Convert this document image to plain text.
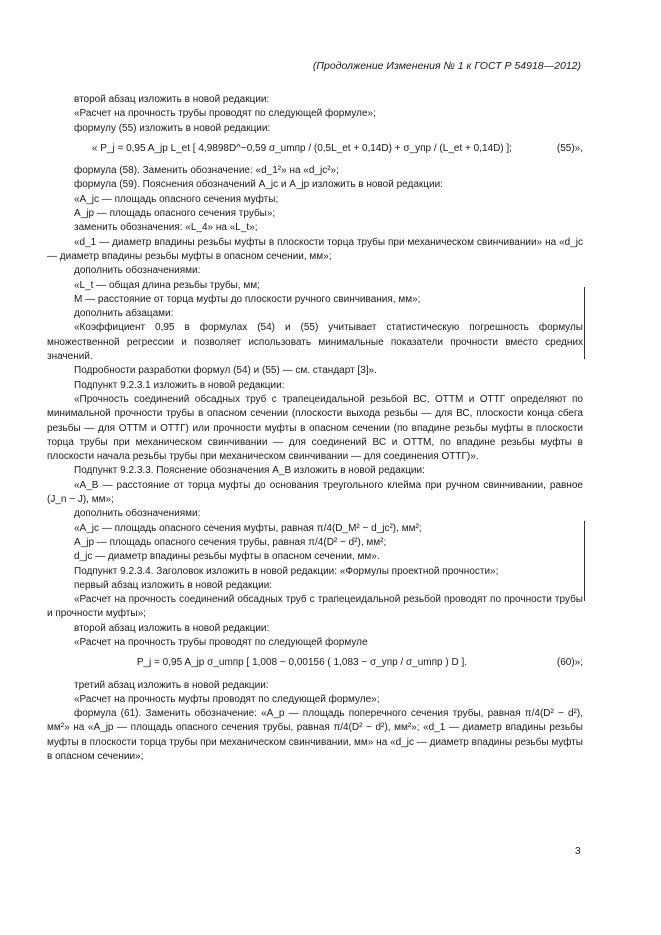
(Продолжение Изменения № 1 к ГОСТ Р 54918—2012)

второй абзац изложить в новой редакции:

«Расчет на прочность трубы проводят по следующей формуле»;

формулу (55) изложить в новой редакции:

« P_j = 0,95 A_jp L_et [ 4,9898D^−0,59 σ_umпр / (0,5L_et + 0,14D) + σ_yпр / (L_et + 0,14D) ];	(55)»,

формула (58). Заменить обозначение: «d_1²» на «d_jc²»;

формула (59). Пояснения обозначений A_jc и A_jp изложить в новой редакции:

«A_jc — площадь опасного сечения муфты;

A_jp — площадь опасного сечения трубы»;

заменить обозначения: «L_4» на «L_t»;

«d_1 — диаметр впадины резьбы муфты в плоскости торца трубы при механическом свинчивании» на «d_jc — диаметр впадины резьбы муфты в опасном сечении, мм»;

дополнить обозначениями:

«L_t — общая длина резьбы трубы, мм;

M — расстояние от торца муфты до плоскости ручного свинчивания, мм»;

дополнить абзацами:

«Коэффициент 0,95 в формулах (54) и (55) учитывает статистическую погрешность формулы множественной регрессии и позволяет использовать минимальные показатели прочности вместо средних значений.

Подробности разработки формул (54) и (55) — см. стандарт [3]».

Подпункт 9.2.3.1 изложить в новой редакции:

«Прочность соединений обсадных труб с трапецеидальной резьбой ВС, ОТТМ и ОТТГ определяют по минимальной прочности трубы в опасном сечении (плоскости выхода резьбы — для ВС, плоскости конца сбега резьбы — для ОТТМ и ОТТГ) или прочности муфты в опасном сечении (по впадине резьбы муфты в плоскости торца трубы при механическом свинчивании — для соединений ВС и ОТТМ, по впадине резьбы муфты в плоскости начала резьбы трубы при механическом свинчивании — для соединения ОТТГ)».

Подпункт 9.2.3.3. Пояснение обозначения A_B изложить в новой редакции:

«A_B — расстояние от торца муфты до основания треугольного клейма при ручном свинчивании, равное (J_n − J), мм»;

дополнить обозначениями:

«A_jc — площадь опасного сечения муфты, равная π/4(D_M² − d_jc²), мм²;

A_jp — площадь опасного сечения трубы, равная π/4(D² − d²), мм²;

d_jc — диаметр впадины резьбы муфты в опасном сечении, мм».

Подпункт 9.2.3.4. Заголовок изложить в новой редакции: «Формулы проектной прочности»;

первый абзац изложить в новой редакции:

«Расчет на прочность соединений обсадных труб с трапецеидальной резьбой проводят по прочности трубы и прочности муфты»;

второй абзац изложить в новой редакции:

«Расчет на прочность трубы проводят по следующей формуле

P_j = 0,95 A_jp σ_umпр [ 1,008 − 0,00156 ( 1,083 − σ_yпр / σ_umпр ) D ].	(60)»;

третий абзац изложить в новой редакции:

«Расчет на прочность муфты проводят по следующей формуле»;

формула (61). Заменить обозначение: «A_p — площадь поперечного сечения трубы, равная π/4(D² − d²), мм²» на «A_jp — площадь опасного сечения трубы, равная π/4(D² − d²), мм²»; «d_1 — диаметр впадины резьбы муфты в плоскости торца трубы при механическом свинчивании, мм» на «d_jc — диаметр впадины резьбы муфты в опасном сечении»;

3
